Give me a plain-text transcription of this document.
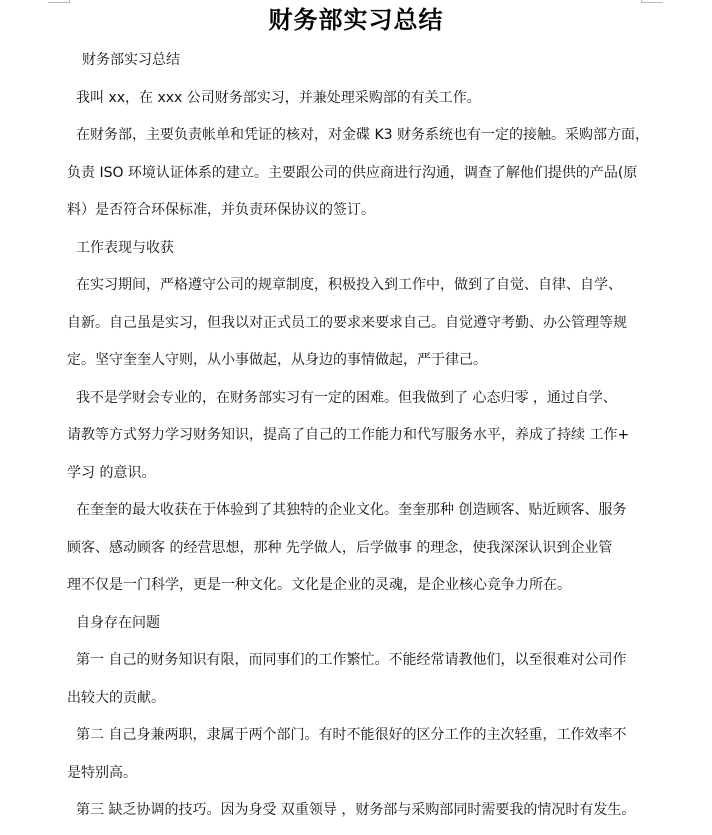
财务部实习总结
财务部实习总结
我叫 xx，在 xxx 公司财务部实习，并兼处理采购部的有关工作。
在财务部，主要负责帐单和凭证的核对，对金碟 K3 财务系统也有一定的接触。采购部方面，
负责 ISO 环境认证体系的建立。主要跟公司的供应商进行沟通，调查了解他们提供的产品(原
料）是否符合环保标准，并负责环保协议的签订。
工作表现与收获
在实习期间，严格遵守公司的规章制度，积极投入到工作中，做到了自觉、自律、自学、
自新。自己虽是实习，但我以对正式员工的要求来要求自己。自觉遵守考勤、办公管理等规
定。坚守奎奎人守则，从小事做起，从身边的事情做起，严于律己。
我不是学财会专业的，在财务部实习有一定的困难。但我做到了 心态归零 ，通过自学、
请教等方式努力学习财务知识，提高了自己的工作能力和代写服务水平，养成了持续 工作+
学习 的意识。
在奎奎的最大收获在于体验到了其独特的企业文化。奎奎那种 创造顾客、贴近顾客、服务
顾客、感动顾客 的经营思想，那种 先学做人，后学做事 的理念，使我深深认识到企业管
理不仅是一门科学，更是一种文化。文化是企业的灵魂，是企业核心竞争力所在。
自身存在问题
第一 自己的财务知识有限，而同事们的工作繁忙。不能经常请教他们，以至很难对公司作
出较大的贡献。
第二 自己身兼两职，隶属于两个部门。有时不能很好的区分工作的主次轻重，工作效率不
是特别高。
第三 缺乏协调的技巧。因为身受 双重领导 ，财务部与采购部同时需要我的情况时有发生。
